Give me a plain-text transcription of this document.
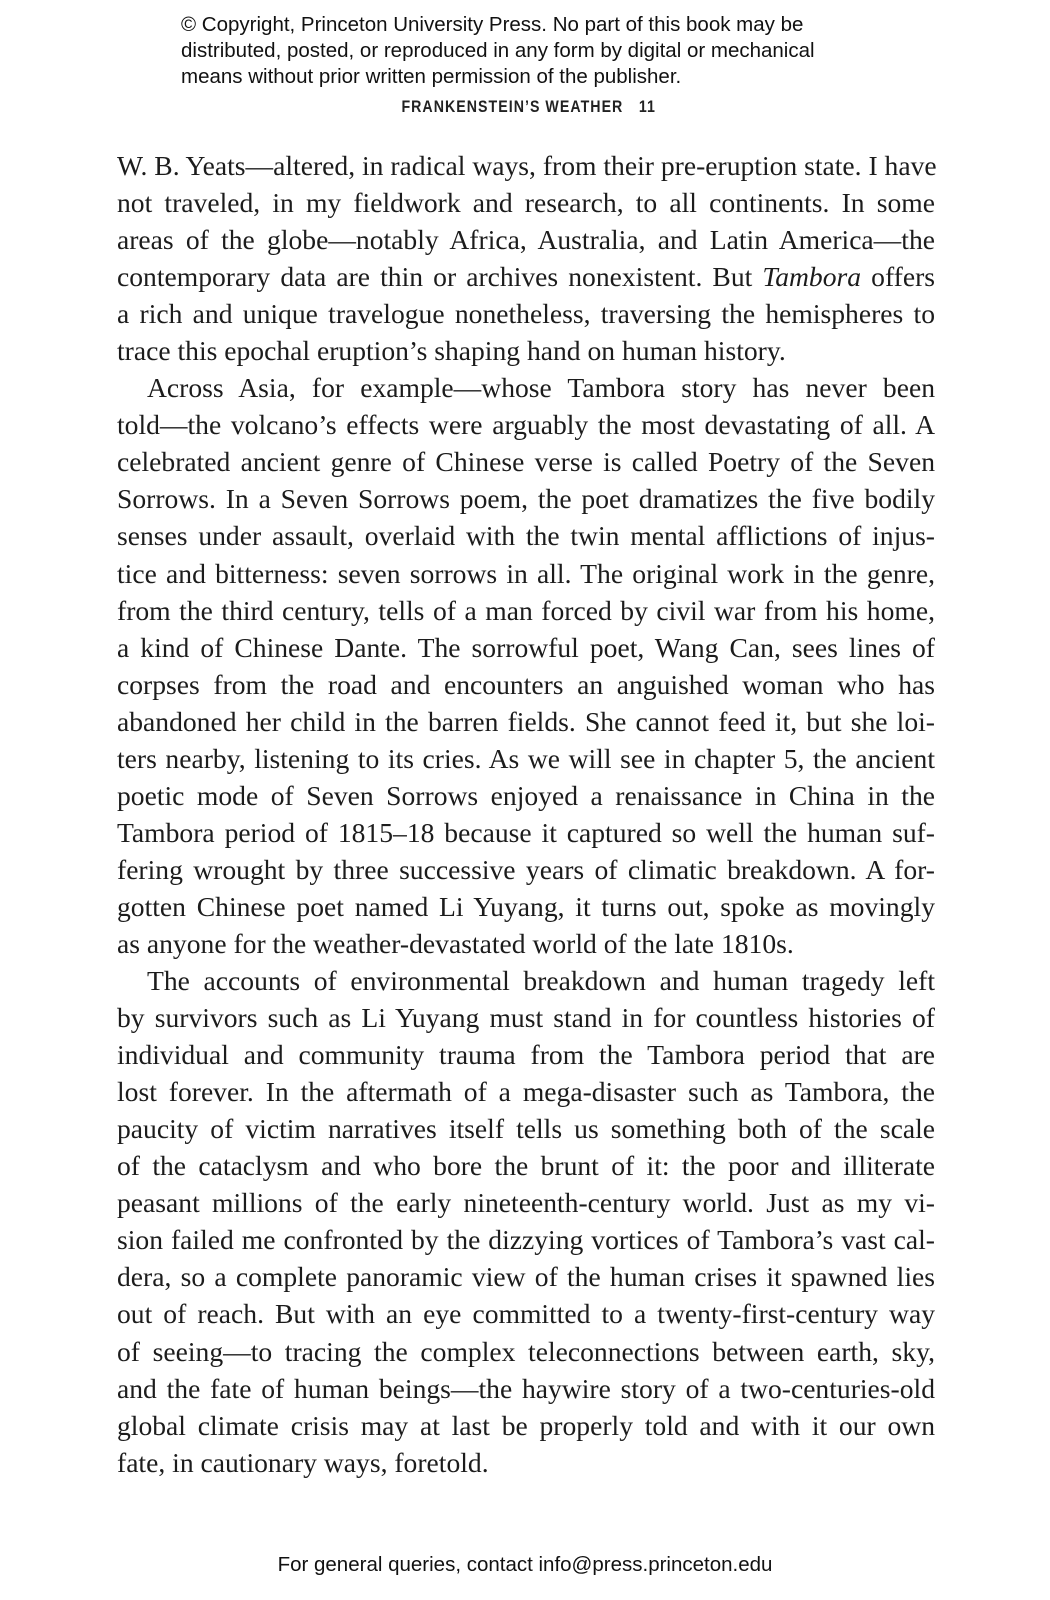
© Copyright, Princeton University Press. No part of this book may be
distributed, posted, or reproduced in any form by digital or mechanical
means without prior written permission of the publisher.
FRANKENSTEIN’S WEATHER 11
W. B. Yeats—altered, in radical ways, from their pre-eruption state. I have
not traveled, in my fieldwork and research, to all continents. In some
areas of the globe—notably Africa, Australia, and Latin America—the
contemporary data are thin or archives nonexistent. But Tambora offers
a rich and unique travelogue nonetheless, traversing the hemispheres to
trace this epochal eruption’s shaping hand on human history.
Across Asia, for example—whose Tambora story has never been
told—the volcano’s effects were arguably the most devastating of all. A
celebrated ancient genre of Chinese verse is called Poetry of the Seven
Sorrows. In a Seven Sorrows poem, the poet dramatizes the five bodily
senses under assault, overlaid with the twin mental afflictions of injus-
tice and bitterness: seven sorrows in all. The original work in the genre,
from the third century, tells of a man forced by civil war from his home,
a kind of Chinese Dante. The sorrowful poet, Wang Can, sees lines of
corpses from the road and encounters an anguished woman who has
abandoned her child in the barren fields. She cannot feed it, but she loi-
ters nearby, listening to its cries. As we will see in chapter 5, the ancient
poetic mode of Seven Sorrows enjoyed a renaissance in China in the
Tambora period of 1815–18 because it captured so well the human suf-
fering wrought by three successive years of climatic breakdown. A for-
gotten Chinese poet named Li Yuyang, it turns out, spoke as movingly
as anyone for the weather-devastated world of the late 1810s.
The accounts of environmental breakdown and human tragedy left
by survivors such as Li Yuyang must stand in for countless histories of
individual and community trauma from the Tambora period that are
lost forever. In the aftermath of a mega-disaster such as Tambora, the
paucity of victim narratives itself tells us something both of the scale
of the cataclysm and who bore the brunt of it: the poor and illiterate
peasant millions of the early nineteenth-century world. Just as my vi-
sion failed me confronted by the dizzying vortices of Tambora’s vast cal-
dera, so a complete panoramic view of the human crises it spawned lies
out of reach. But with an eye committed to a twenty-first-century way
of seeing—to tracing the complex teleconnections between earth, sky,
and the fate of human beings—the haywire story of a two-centuries-old
global climate crisis may at last be properly told and with it our own
fate, in cautionary ways, foretold.
For general queries, contact info@press.princeton.edu
